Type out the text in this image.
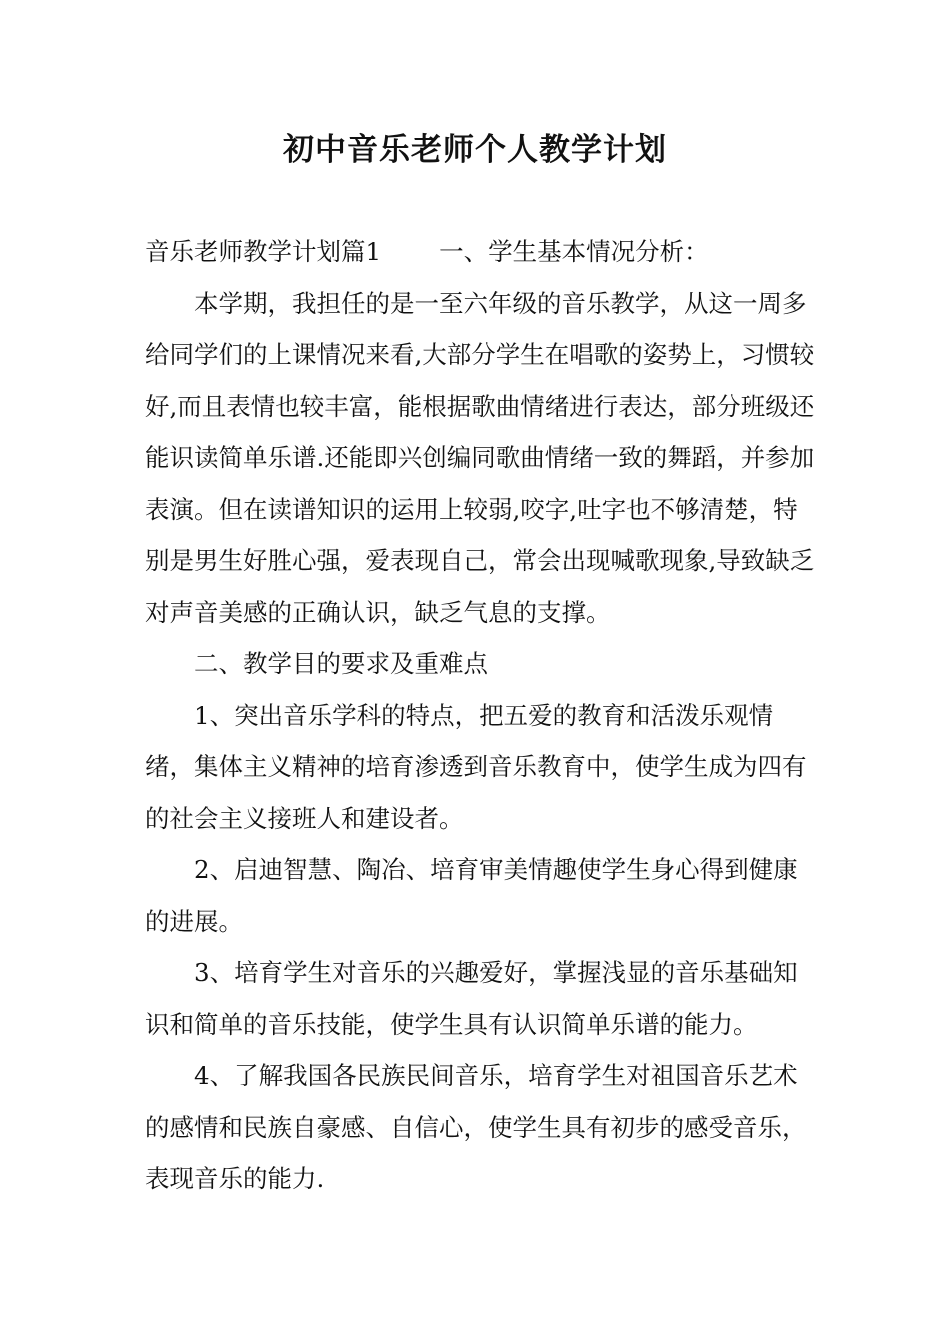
初中音乐老师个人教学计划

音乐老师教学计划篇1 一、学生基本情况分析：

本学期，我担任的是一至六年级的音乐教学，从这一周多给同学们的上课情况来看,大部分学生在唱歌的姿势上，习惯较好,而且表情也较丰富，能根据歌曲情绪进行表达，部分班级还能识读简单乐谱.还能即兴创编同歌曲情绪一致的舞蹈，并参加表演。但在读谱知识的运用上较弱,咬字,吐字也不够清楚，特别是男生好胜心强，爱表现自己，常会出现喊歌现象,导致缺乏对声音美感的正确认识，缺乏气息的支撑。

二、教学目的要求及重难点

1、突出音乐学科的特点，把五爱的教育和活泼乐观情绪，集体主义精神的培育渗透到音乐教育中，使学生成为四有的社会主义接班人和建设者。

2、启迪智慧、陶冶、培育审美情趣使学生身心得到健康的进展。

3、培育学生对音乐的兴趣爱好，掌握浅显的音乐基础知识和简单的音乐技能，使学生具有认识简单乐谱的能力。

4、了解我国各民族民间音乐，培育学生对祖国音乐艺术的感情和民族自豪感、自信心，使学生具有初步的感受音乐，表现音乐的能力.
